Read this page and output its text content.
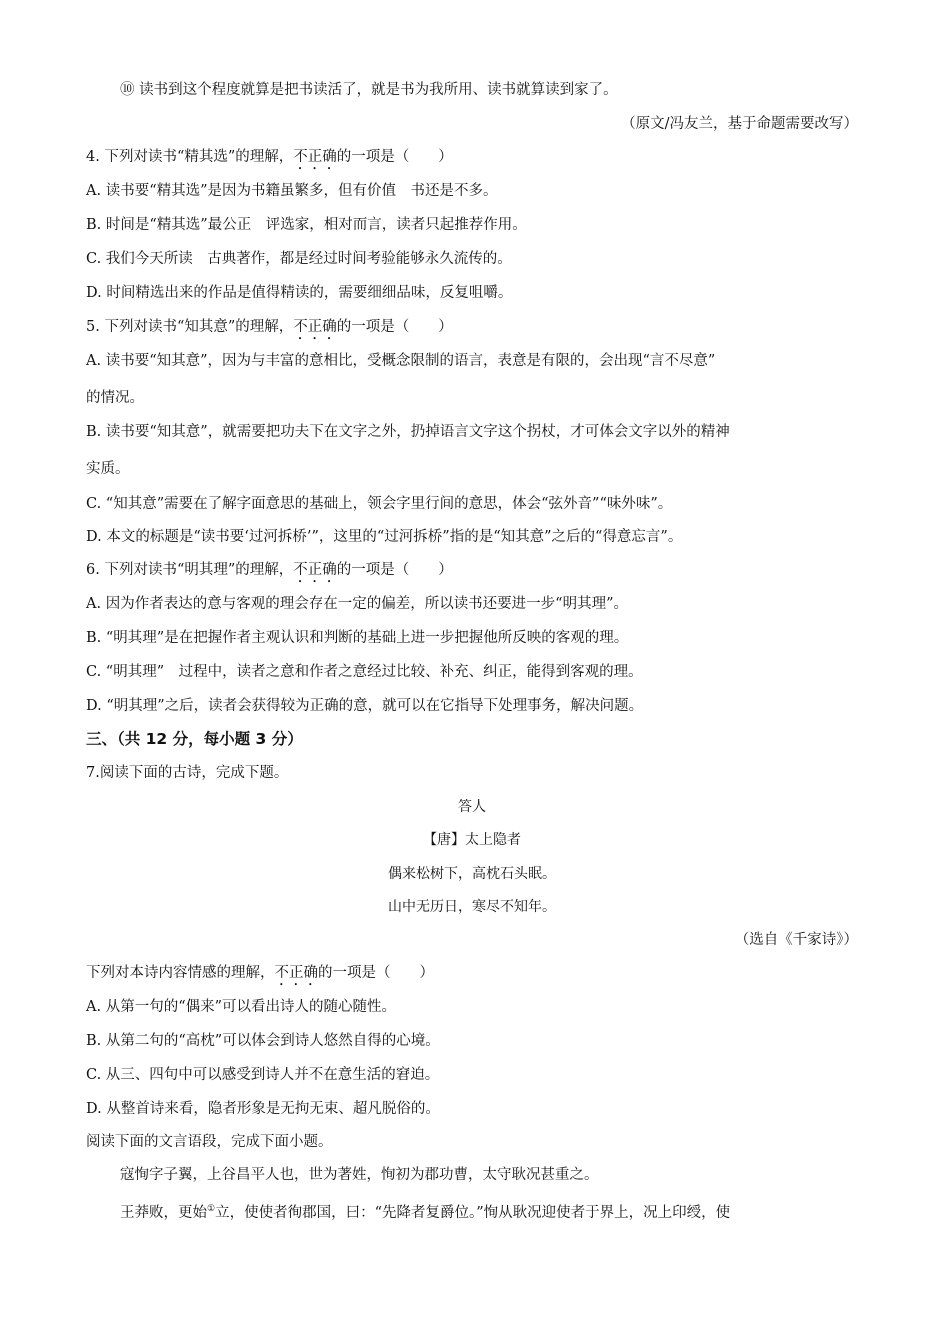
⑩ 读书到这个程度就算是把书读活了，就是书为我所用、读书就算读到家了。
（原文/冯友兰，基于命题需要改写）
4. 下列对读书“精其选”的理解，不正确的一项是（　　）
A. 读书要“精其选”是因为书籍虽繁多，但有价值　书还是不多。
B. 时间是“精其选”最公正　评选家，相对而言，读者只起推荐作用。
C. 我们今天所读　古典著作，都是经过时间考验能够永久流传的。
D. 时间精选出来的作品是值得精读的，需要细细品味，反复咀嚼。
5. 下列对读书“知其意”的理解，不正确的一项是（　　）
A. 读书要“知其意”，因为与丰富的意相比，受概念限制的语言，表意是有限的，会出现“言不尽意”
的情况。
B. 读书要“知其意”，就需要把功夫下在文字之外，扔掉语言文字这个拐杖，才可体会文字以外的精神
实质。
C. “知其意”需要在了解字面意思的基础上，领会字里行间的意思，体会“弦外音”“味外味”。
D. 本文的标题是“读书要‘过河拆桥’”，这里的“过河拆桥”指的是“知其意”之后的“得意忘言”。
6. 下列对读书“明其理”的理解，不正确的一项是（　　）
A. 因为作者表达的意与客观的理会存在一定的偏差，所以读书还要进一步“明其理”。
B. “明其理”是在把握作者主观认识和判断的基础上进一步把握他所反映的客观的理。
C. “明其理”　过程中，读者之意和作者之意经过比较、补充、纠正，能得到客观的理。
D. “明其理”之后，读者会获得较为正确的意，就可以在它指导下处理事务，解决问题。
三、（共 12 分，每小题 3 分）
7.阅读下面的古诗，完成下题。
答人
【唐】太上隐者
偶来松树下，高枕石头眠。
山中无历日，寒尽不知年。
（选自《千家诗》）
下列对本诗内容情感的理解，不正确的一项是（　　）
A. 从第一句的“偶来”可以看出诗人的随心随性。
B. 从第二句的“高枕”可以体会到诗人悠然自得的心境。
C. 从三、四句中可以感受到诗人并不在意生活的窘迫。
D. 从整首诗来看，隐者形象是无拘无束、超凡脱俗的。
阅读下面的文言语段，完成下面小题。
寇恂字子翼，上谷昌平人也，世为著姓，恂初为郡功曹，太守耿况甚重之。
王莽败，更始①立，使使者徇郡国，曰：“先降者复爵位。”恂从耿况迎使者于界上，况上印绶，使
